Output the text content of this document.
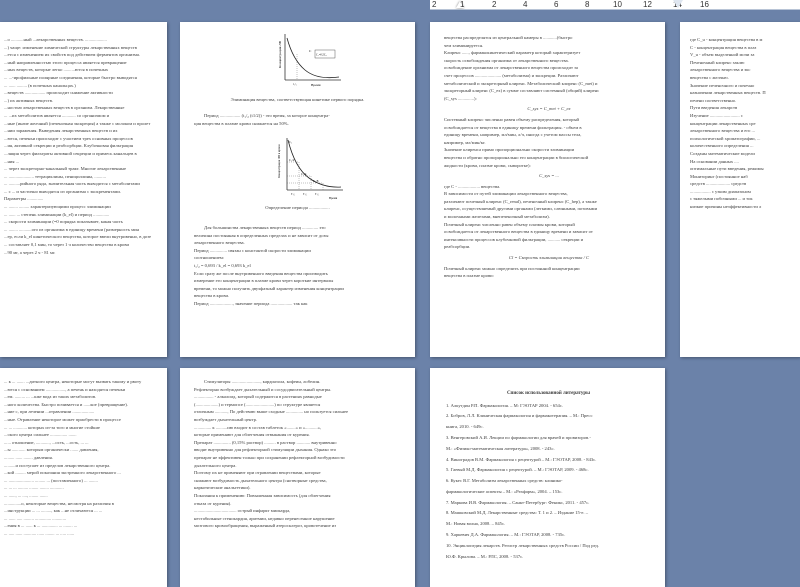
2	1	2	4	6	8	10	12	14 16
...о ...........ный ...лекарственных веществ. ...................
...) чаще: изменение химической структуры лекарственных веществ
...ется с изменением их свойств под действием ферментов организма.
...ный направленностью этого процесса является превращение
...ных веществ, которые легко ..........ются в почечных
... ...-ирофильные полярные соединения, которые быстро выводятся
... ...... ......... (в почечных канальцах.)
...веществ .................. происходит снижение активности
...) их активных веществ.
...ностью лекарственных веществ в организм. Лекарственные
... ...их метаболитов является ............ со организмом и
...ные (иначе желчный (печеночная экскреция) а также с молоком и пролет
...нии заражения. Выведения лекарственных веществ и их
...ются, печеньи происходит с участием трех основных процессов
...ия, активной секреции и реабсорбции. Клубочковая фильтрация
...ляция через фильтраты активной секреции и примесь канальцев в
...ния ...
... через экскреторно-канальный тракт. Многие лекарственные
... ...................... тетрациклины, пенициллины, ..........
... ..........рийного ряда, значительная часть выводится с метаболитами
... с ... и частично выводятся из организма с экскрементами.
Параметры ..............
... ........ ......... характеризующими процесс элиминации
... ...... ... степень элиминации (k_el) и период ..............
... скорости элиминации (=0 порядка показывает, какая часть
... ........ ...........ого из организма в единицу времени (размерность мин
...ер, если k_el кинетического вещества, которое ввели внутривенно, в дозе
... составляет 0,1 мин, то через 1 ч количество вещества в крови
...90 мг, а через 2 ч - 81 мг.
Концентрация ЛВ
Время
t₁/₂
C
C₁=0,5C₀
Элиминация вещества, соответствующая кинетике первого порядка.
Период .................. (t₁/₂ (t1/2)) - это время, за которое концентра-
ция вещества в плазме крови снижается на 50%.
Концентрация ЛВ в крови
C₀
C₀/2
C₀/4
C₀/8
T₁/₂	T₁/₂	T₁/₂
Время
Определение периода ..................
Для большинства лекарственных веществ период .............. это
величина постоянная в определенных пределах и не зависит от дозы
лекарственного вещества.
Период ............... связан с константой скорости элиминации
соотношением:
t₁/₂ = 0,693 / k_el = 0,693 k_el
Если сразу же после внутривенного введения вещества производить
измерение его концентрации в плазме крови через короткие интервалы
времени, то можно получить двухфазный характер изменения концентрации
вещества в крови.
Период ...................., значение периода ................... так как
вещества распределятся из центральной камеры в ............(быстро
чем элиминируется.
Клиренс ......, фармакокинетический параметр который характеризует
скорость освобождения организма от лекарственного вещества.
освобождение организма от лекарственного вещества происходит за
счет процессов ....................... (метаболизма) и экскреции. Различают
метаболический и экскреторный клиренс. Метаболический клиренс (C_met) и
экскреторный клиренс (C_ex) в сумме составляют системный (общий) клиренс
(C_sys ..............):
C_sys = C_met + C_ex
Системный клиренс численно равен объему распределения, который
освобождается от вещества в единицу времени фильтрациы. - объем в
единицу времени, например, мл/мин, л/ч, иногда с учетом массы тела,
например, мл/мин/кг.
Значение клиренса прямо пропорционально скорости элиминации
вещества и обратно пропорционально его концентрации в биологической
жидкости (крови, плазме крови, сыворотке):
C_sys = ...
где C - ................... вещества.
В зависимости от путей элиминации лекарственного вещества,
различают почечный клиренс (C_renal), печеночный клиренс (C_hep), а также
клиренс, осуществляемый другими органами (легкими, слюнными, потовыми
и молочными железами, внепеченочный метаболизм).
Почечный клиренс численно равен объему плазмы крови, который
освобождается от лекарственного вещества в единицу времени и зависит от
интенсивности процессов клубочковой фильтрации, ........... секреции и
реабсорбции.
Cl = Скорость элиминации вещества / C
Почечный клиренс можно определить при постоянной концентрации
вещества в плазме крови:
где C_u - концентрация вещества в м
C - концентрация вещества в плаз
V_u - объем выделенной мочи за
Печеночный клиренс заклю
лекарственного вещества и экс
вещества с желчью.
Значение печеночного и почечно
назначении лекарственных веществ. П
печени соответственно.
Пути введения лекарств
Изучение .......................... с
концентрации лекарственных сре
лекарственного вещества и его ...
психологической хроматографии, ...
количественного определения ...
Созданы математические модели
На основании данных ....
оптимальные пути введения, режимы
Мониторинг (постоянное наб
средств ..................... средств
.................. с узким диапазоном
с тяжелыми побочными ... и ток
низкие причины неэффективности л
... к ... ....... ...дитного центра, некоторые могут вызвать такому и рвоту
...ются с основанием ................., а печень и находятся печеньи
...ем. ......... ... ...кже вода из таких метаболитов.
...ного количества. Быстро почивается и ......кое (превращение).
...ние с, при лечении ...отравлении ...................
...ные. Отравление некоторое может приобрести в процессе
... ... ............ которых из-за того и многие стойкие
...ского центра сильнее ............... .......
...... отношение, ............, ...ость, ...ость, ... ...
...ы ............ которым органически ....... давления,
......... ...... ........ давления.
..........и поступает из пределов лекарственного центра.
...кой ......... мерой показания экстренного лекарственного ...
... ...................... ......... ... (поставленного) ... ........
... ... ... ......... ........ ........ ............
... ......, ... ...., ........ .......
...............о, некоторые вещества, несмотря на различия в
...инструкции ... ... ........., как ...не отличаются ... ...
... ...... ..... ......... .............. ............
...ения в ... ...... к ... .............. ... ........ ...
... ..... ...... ........... ...... ........ ... ..... ......
Стимуляторы ........................., кардиазола, кофеин, лобелин.
Рефлекторно возбуждает дыхательный и сосудодвигательный центры.
................. - алкалоид, который содержится в растениях равнодые
(....................) и термопсе (.........................) по структуре является
отличным ..........., По действию выше сходные ............... но пользуется сильнее
возбуждает дыхательный центр.
............... к ..........ию входит в состав таблеток «........» и «...........»,
которые применяют для облегчения отвыкания от курения.
Препарат ............... (0,15% раствор) .......... в раствор ............ внутривенно
вводят внутривенно для рефлекторной стимуляции дыхания. Однако это
препарат не эффективен только при сохранении рефлекторной возбудимости
дыхательного центра.
Поэтому их не применяют при отравлении веществами, которые
снижают возбудимость дыхательного центра (снотворные средства,
наркотические анальгетики).
Показания к применению: Повышенная зависимость (для облегчения
отказа от курения).
..................................... острый инфаркт миокарда,
нестабильные стенокардия, аритмии, недавно перенесенное нарушение
мозгового кровообращения, выраженный атеросклероз, кровотечение из
Список использованной литературы
1. Алкутдин Р.П. Фармакология. – М: ГЭОТАР 2004. - 654с.
2. Бобров, Л.Л. Клиническая фармакология и фармакотерапия. – М.: Пресс
книга, 2010. - 649с.
3. Венгеровский А.И. Лекции по фармакологии для врачей и провизоров.-
М.: «Физико-математическая литература», 2008. - 243с.
4. Виноградов В.М. Фармакология с рецептурой – М.: ГЭОТАР, 2008. - 843с.
5. Гаевый М.Д. Фармакология с рецептурой. – М.: ГЭОТАР, 2009. - 468с.
6. Кукес В.Г. Метаболизм лекарственных средств: клинико-
фармакологические аспекты – М.: «Реафарм», 2004. – 153с.
7. Маркова И.В. Фармакология. – Санкт-Петербург: Феникс, 2011. - 457с.
8. Машковский М.Д. Лекарственные средства: Т. 1 и 2. – Издание 15-е. –
М.: Новая волна, 2008. – 845с.
9. Харкевич Д.А. Фармакология. – М.: ГЭОТАР, 2008. - 735с.
10. Энциклопедия лекарств. Регистр лекарственных средств России / Под ред.
Ю.Ф. Крылова. – М.: РЛС, 2008. - 537с.
